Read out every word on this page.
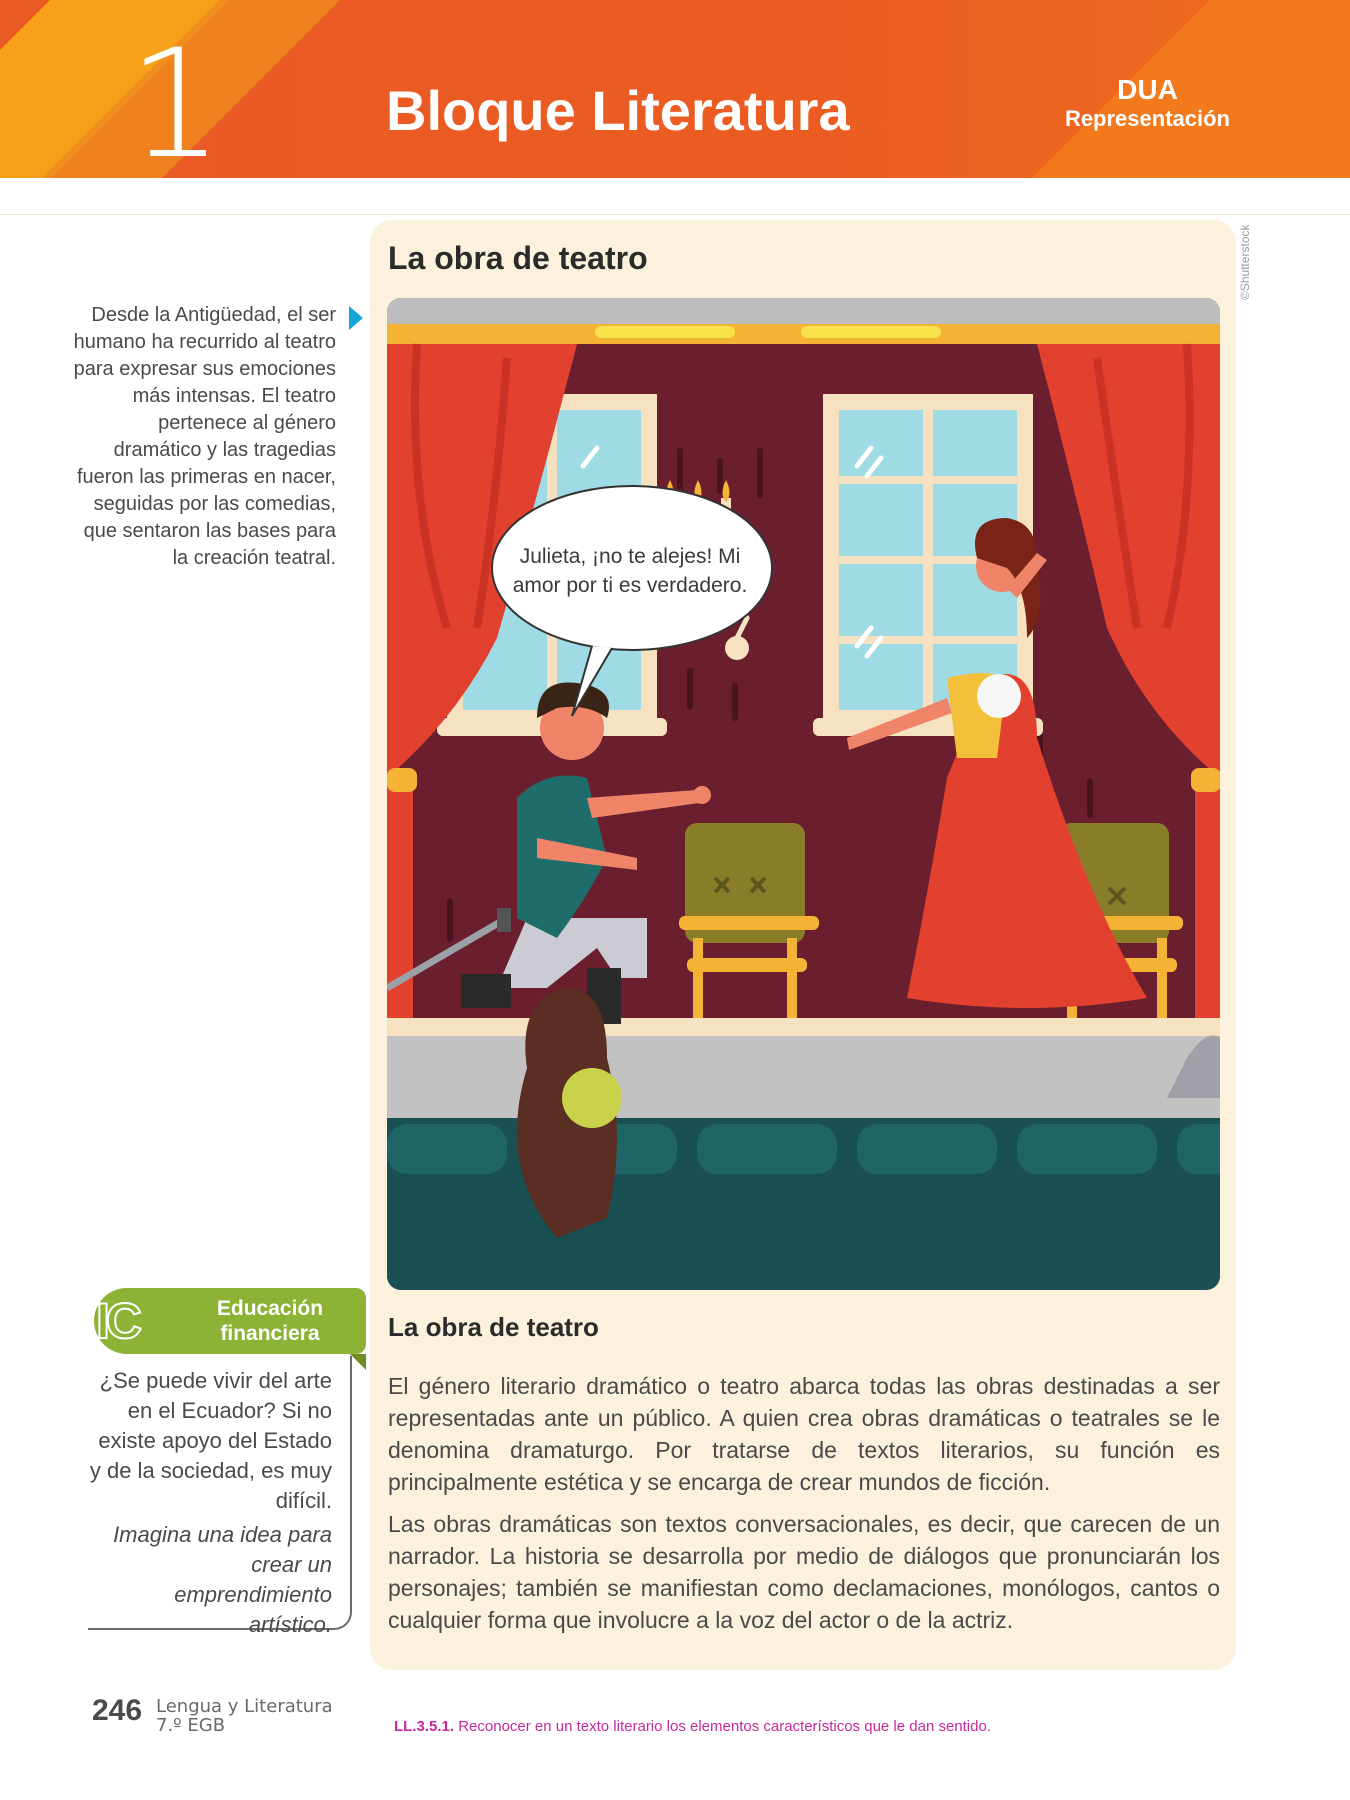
1	Bloque Literatura	DUA
Representación
Desde la Antigüedad, el ser humano ha recurrido al teatro para expresar sus emociones más intensas. El teatro pertenece al género dramático y las tragedias fueron las primeras en nacer, seguidas por las comedias, que sentaron las bases para la creación teatral.
La obra de teatro	©Shutterstock
Julieta, ¡no te alejes! Mi amor por ti es verdadero.
La obra de teatro

El género literario dramático o teatro abarca todas las obras destinadas a ser representadas ante un público. A quien crea obras dramáticas o teatrales se le denomina dramaturgo. Por tratarse de textos literarios, su función es principalmente estética y se encarga de crear mundos de ficción.

Las obras dramáticas son textos conversacionales, es decir, que carecen de un narrador. La historia se desarrolla por medio de diálogos que pronunciarán los personajes; también se manifiestan como declamaciones, monólogos, cantos o cualquier forma que involucre a la voz del actor o de la actriz.

IC	Educación financiera
¿Se puede vivir del arte en el Ecuador? Si no existe apoyo del Estado y de la sociedad, es muy difícil.
Imagina una idea para crear un emprendimiento artístico.
246 Lengua y Literatura
7.º EGB	LL.3.5.1. Reconocer en un texto literario los elementos característicos que le dan sentido.
